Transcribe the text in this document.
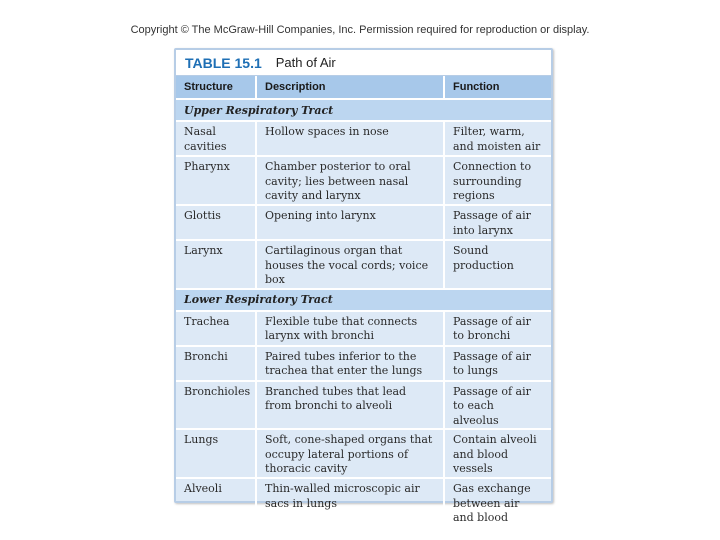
Copyright © The McGraw-Hill Companies, Inc. Permission required for reproduction or display.
TABLE 15.1 Path of Air
Structure	Description	Function
Upper Respiratory Tract		
Nasal cavities	Hollow spaces in nose	Filter, warm, and moisten air
Pharynx	Chamber posterior to oral cavity; lies between nasal cavity and larynx	Connection to surrounding regions
Glottis	Opening into larynx	Passage of air into larynx
Larynx	Cartilaginous organ that houses the vocal cords; voice box	Sound production
Lower Respiratory Tract		
Trachea	Flexible tube that connects larynx with bronchi	Passage of air to bronchi
Bronchi	Paired tubes inferior to the trachea that enter the lungs	Passage of air to lungs
Bronchioles	Branched tubes that lead from bronchi to alveoli	Passage of air to each alveolus
Lungs	Soft, cone-shaped organs that occupy lateral portions of thoracic cavity	Contain alveoli and blood vessels
Alveoli	Thin-walled microscopic air sacs in lungs	Gas exchange between air and blood
